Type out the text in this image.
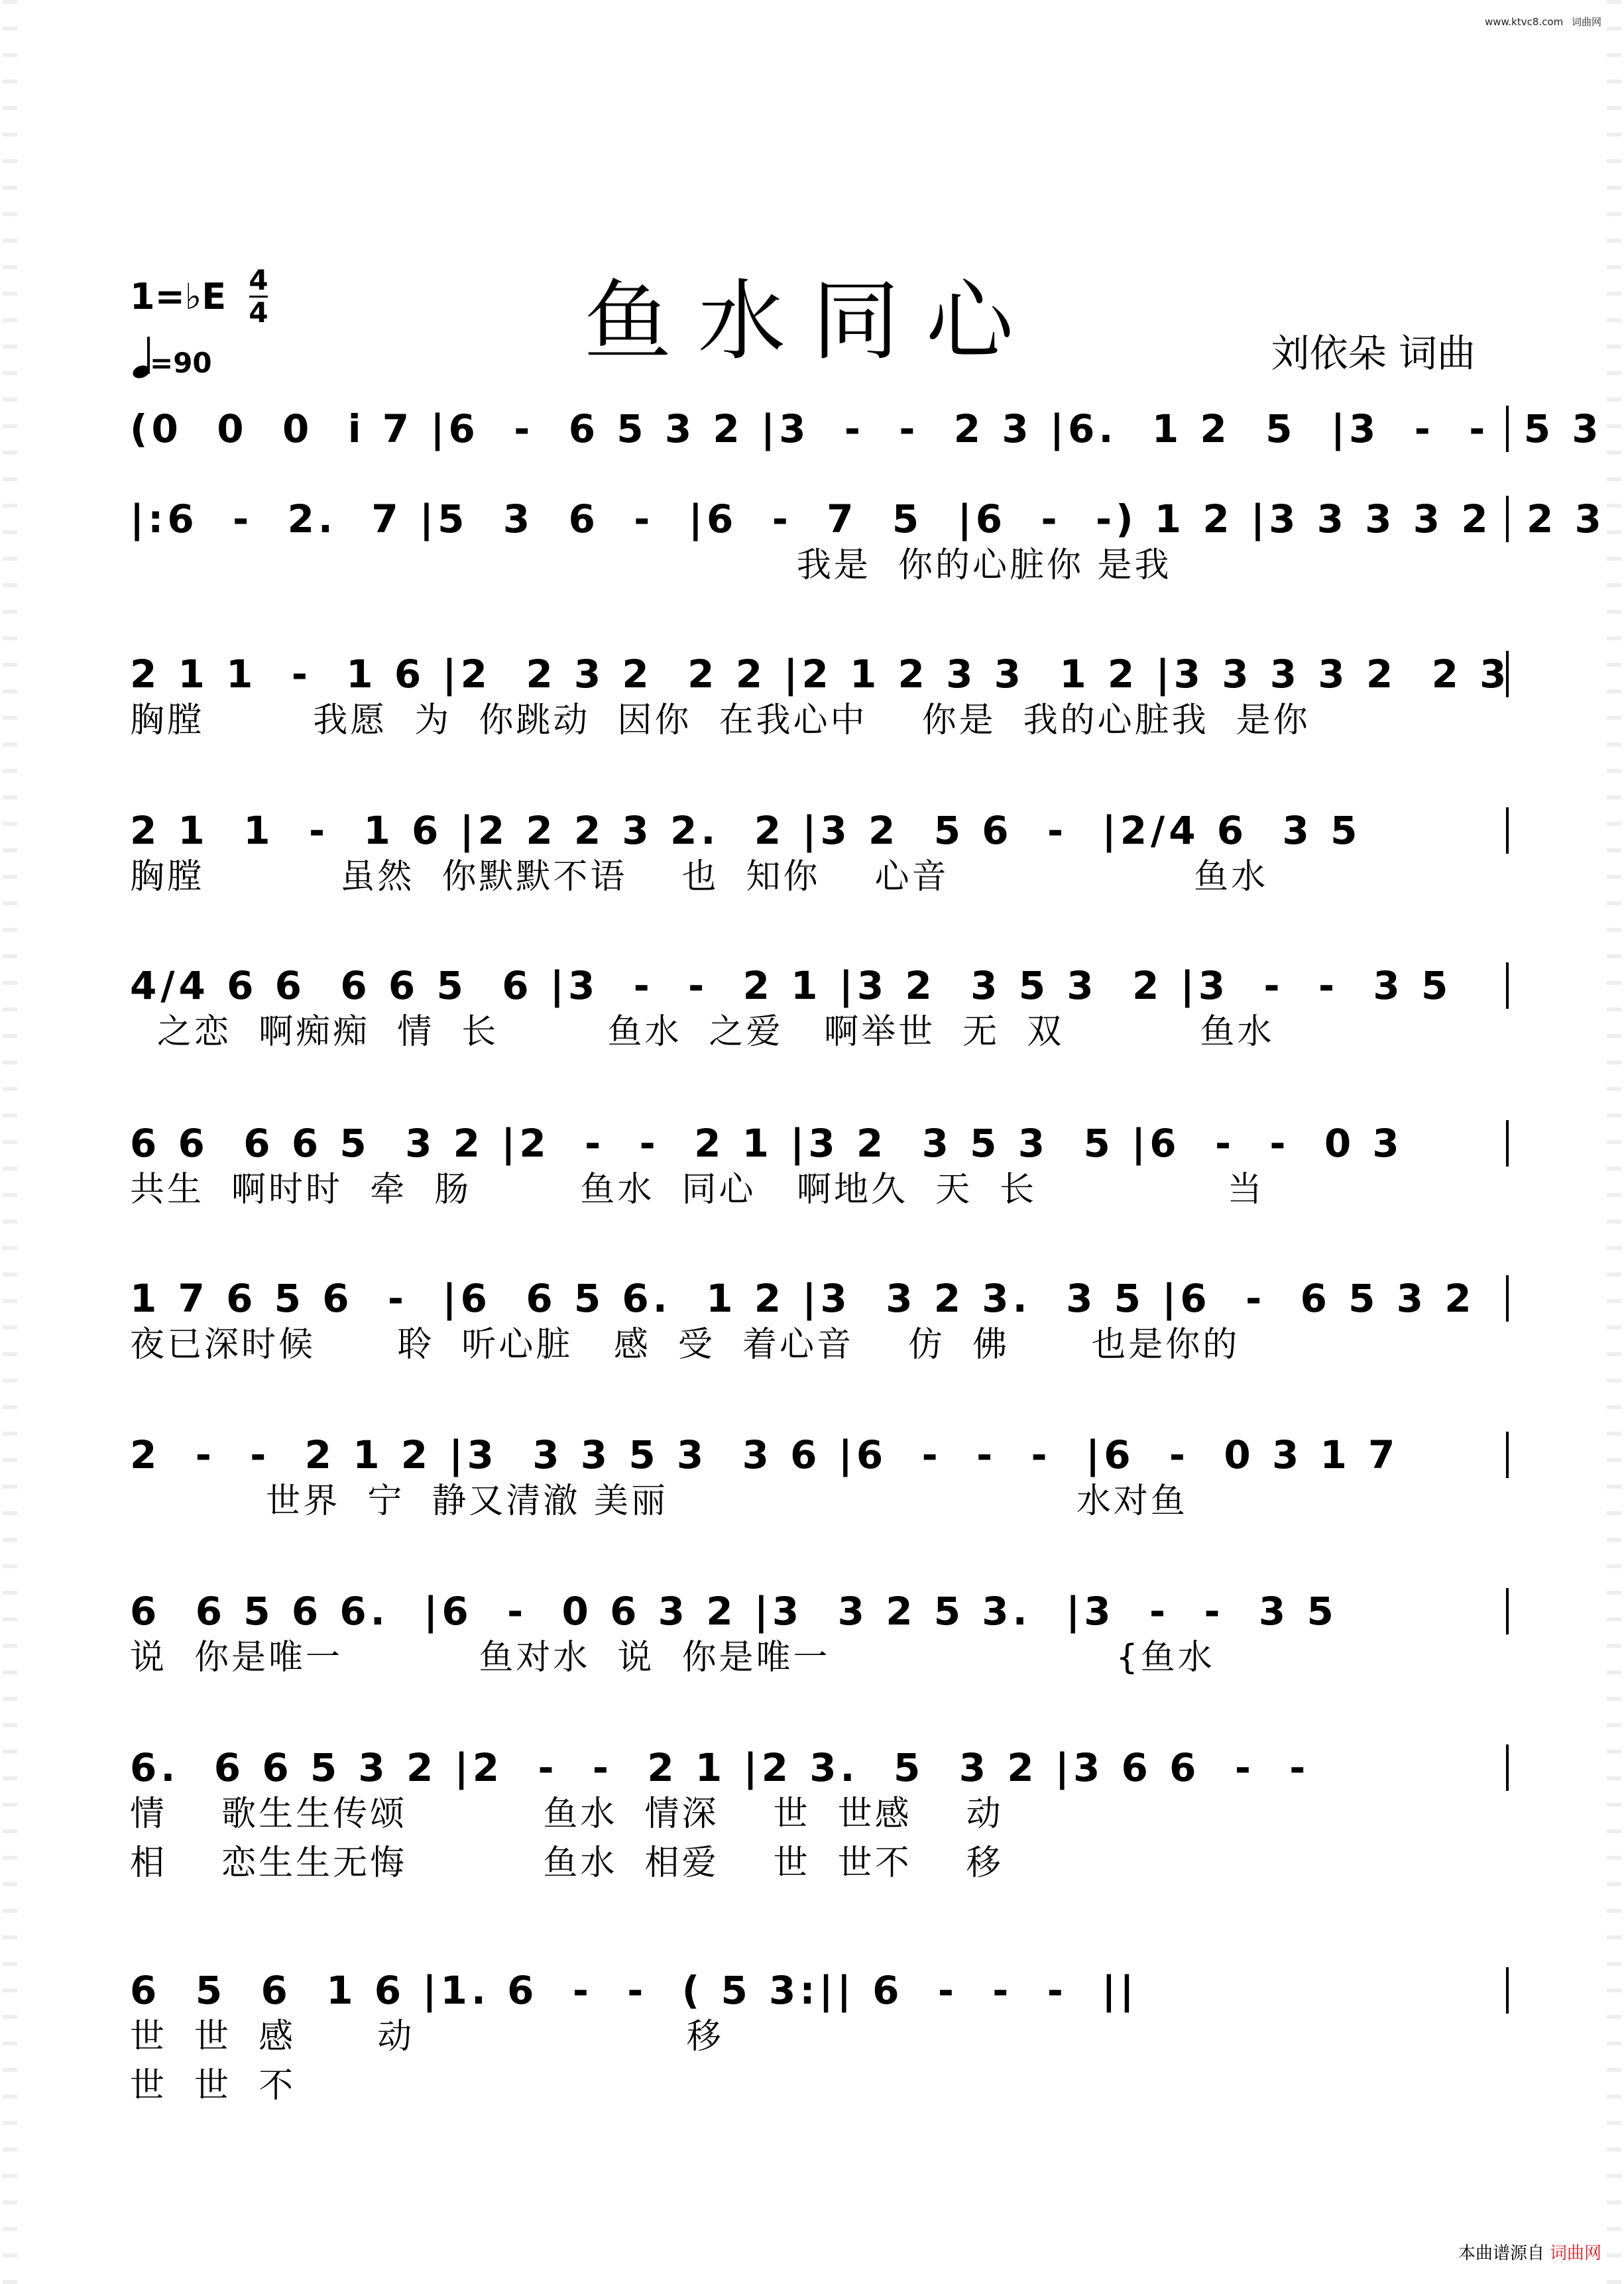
www.ktvc8.com 词曲网
鱼水同心
1=♭E 4
4
=90	刘依朵 词曲
(0  0  0  i 7 |6  -  6 5 3 2 |3  -  -  2 3 |6.  1 2  5  |3  -  -  5 3
|:6  -  2.  7 |5  3  6  -  |6  -  7  5  |6  -  -) 1 2 |3 3 3 3 2  2 3
我是  你的心脏你 是我
2 1 1  -  1 6 |2  2 3 2  2 2 |2 1 2 3 3  1 2 |3 3 3 3 2  2 3
胸膛        我愿  为  你跳动  因你  在我心中    你是  我的心脏我  是你
2 1  1  -  1 6 |2 2 2 3 2.  2 |3 2  5 6  -  |2/4 6  3 5
胸膛          虽然  你默默不语    也  知你    心音                  鱼水
4/4 6 6  6 6 5  6 |3  -  -  2 1 |3 2  3 5 3  2 |3  -  -  3 5
之恋  啊痴痴  情  长        鱼水  之爱   啊举世  无  双          鱼水
6 6  6 6 5  3 2 |2  -  -  2 1 |3 2  3 5 3  5 |6  -  -  0 3
共生  啊时时  牵  肠        鱼水  同心   啊地久  天  长              当
1 7 6 5 6  -  |6  6 5 6.  1 2 |3  3 2 3.  3 5 |6  -  6 5 3 2
夜已深时候      聆  听心脏   感  受  着心音    仿  佛      也是你的
2  -  -  2 1 2 |3  3 3 5 3  3 6 |6  -  -  -  |6  -  0 3 1 7
世界  宁  静又清澈 美丽                              水对鱼
6  6 5 6 6.  |6  -  0 6 3 2 |3  3 2 5 3.  |3  -  -  3 5
说  你是唯一          鱼对水  说  你是唯一                     {鱼水
6.  6 6 5 3 2 |2  -  -  2 1 |2 3.  5  3 2 |3 6 6  -  -
情    歌生生传颂          鱼水  情深    世  世感    动
相    恋生生无悔          鱼水  相爱    世  世不    移
6  5  6  1 6 |1. 6  -  -  ( 5 3:|| 6  -  -  -  ||
世  世  感      动                    移
世  世  不
本曲谱源自 词曲网
